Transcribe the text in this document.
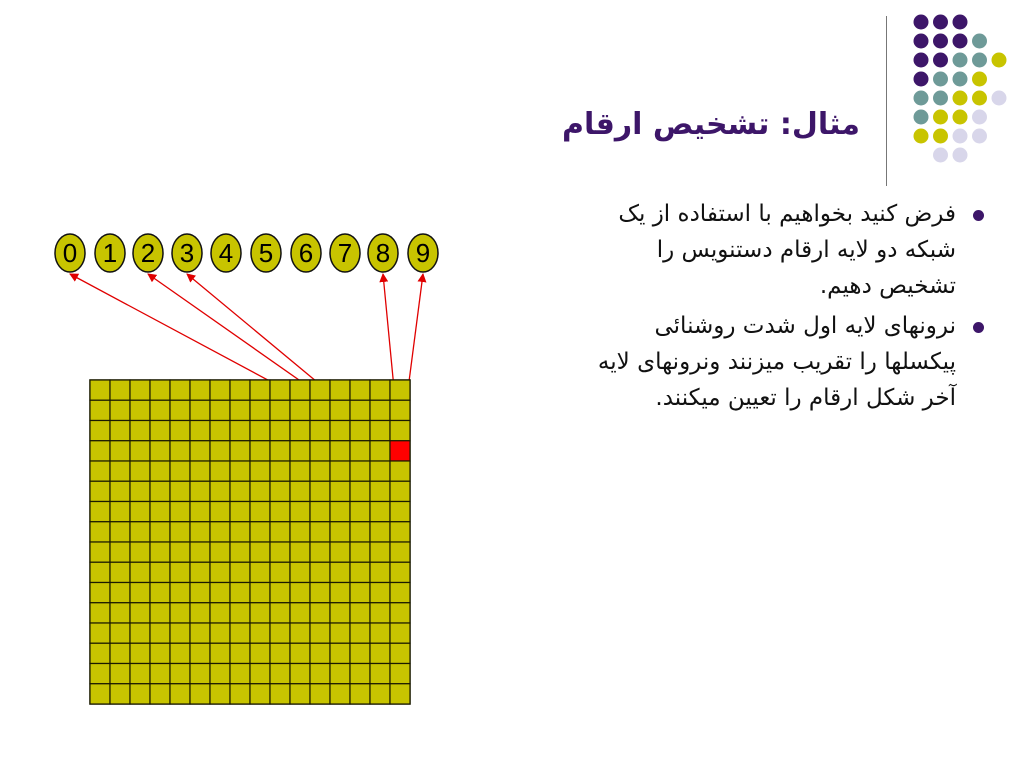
مثال: تشخیص ارقام
فرض کنید بخواهیم با استفاده از یک
شبکه دو لایه ارقام دستنویس را
تشخیص دهیم.
نرونهای لایه اول شدت روشنائی
پیکسلها را تقریب میزنند ونرونهای لایه
آخر شکل ارقام را تعیین میکنند.
0 1 2 3 4 5 6 7 8 9
